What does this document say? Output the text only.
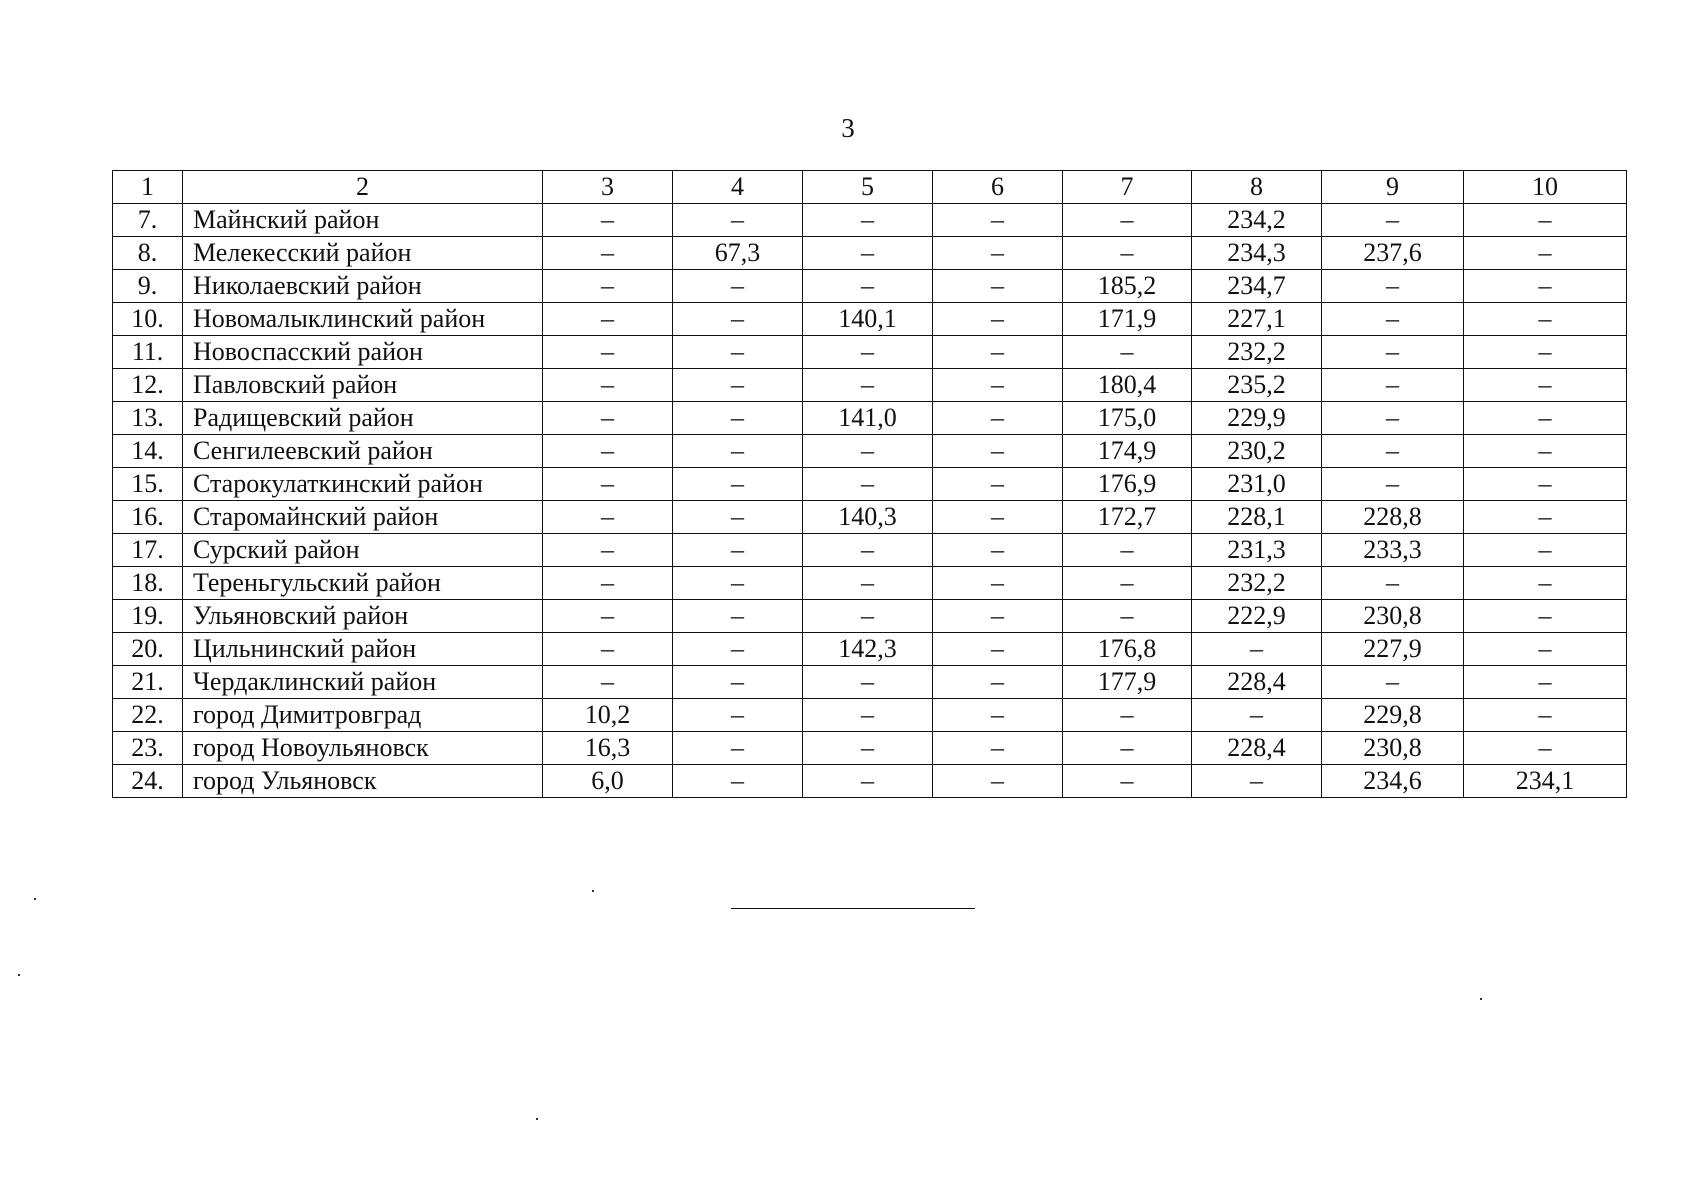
3
1	2	3	4	5	6	7	8	9	10
7.	Майнский район	–	–	–	–	–	234,2	–	–
8.	Мелекесский район	–	67,3	–	–	–	234,3	237,6	–
9.	Николаевский район	–	–	–	–	185,2	234,7	–	–
10.	Новомалыклинский район	–	–	140,1	–	171,9	227,1	–	–
11.	Новоспасский район	–	–	–	–	–	232,2	–	–
12.	Павловский район	–	–	–	–	180,4	235,2	–	–
13.	Радищевский район	–	–	141,0	–	175,0	229,9	–	–
14.	Сенгилеевский район	–	–	–	–	174,9	230,2	–	–
15.	Старокулаткинский район	–	–	–	–	176,9	231,0	–	–
16.	Старомайнский район	–	–	140,3	–	172,7	228,1	228,8	–
17.	Сурский район	–	–	–	–	–	231,3	233,3	–
18.	Тереньгульский район	–	–	–	–	–	232,2	–	–
19.	Ульяновский район	–	–	–	–	–	222,9	230,8	–
20.	Цильнинский район	–	–	142,3	–	176,8	–	227,9	–
21.	Чердаклинский район	–	–	–	–	177,9	228,4	–	–
22.	город Димитровград	10,2	–	–	–	–	–	229,8	–
23.	город Новоульяновск	16,3	–	–	–	–	228,4	230,8	–
24.	город Ульяновск	6,0	–	–	–	–	–	234,6	234,1
